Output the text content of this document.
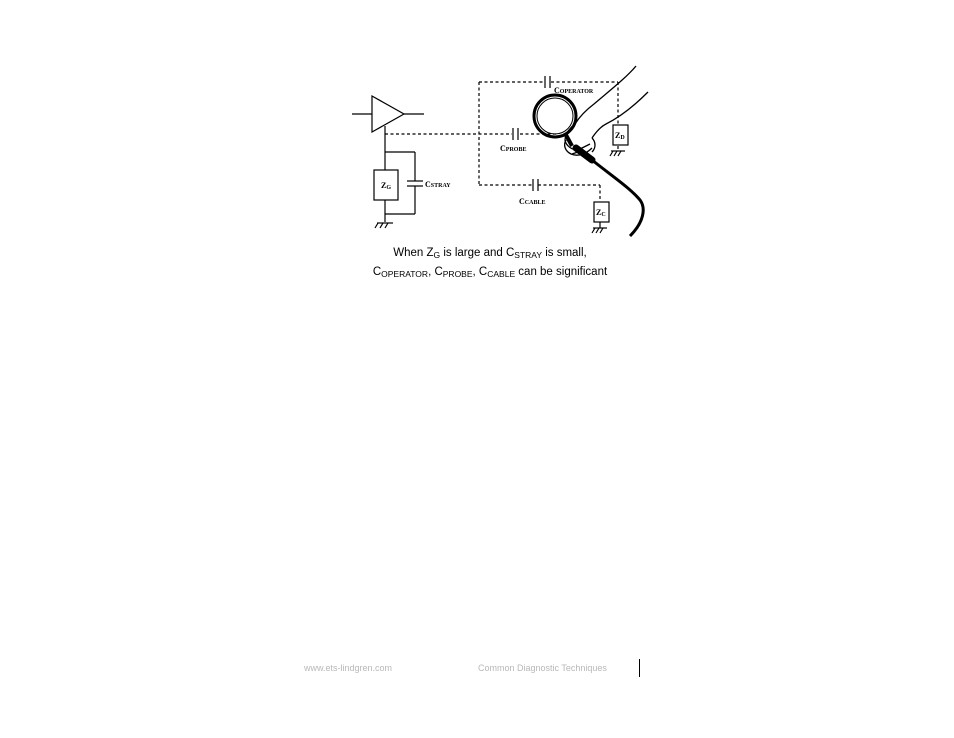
ZG	CSTRAY
COPERATOR
CPROBE
CCABLE
ZD
ZC
When $Z_G$ is large and $C_{STRAY}$ is small,
$C_{OPERATOR}$, $C_{PROBE}$, $C_{CABLE}$ can be significant
www.ets-lindgren.com	Common Diagnostic Techniques
